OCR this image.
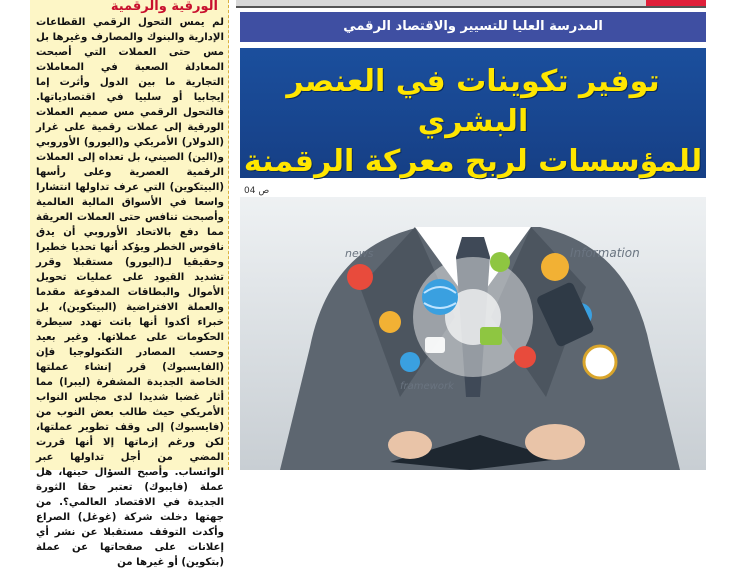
الورقية والرقمية
لم يمس التحول الرقمي القطاعات الإدارية والبنوك والمصارف وغيرها بل مس حتى العملات التي أصبحت المعادلة الصعبة في المعاملات التجارية ما بين الدول وأثرت إما إيجابيا أو سلبيا في اقتصادياتها. فالتحول الرقمي مس صميم العملات الورقية إلى عملات رقمية على غرار (الدولار) الأمريكي و(اليورو) الأوروبي و(الين) الصيني، بل تعداه إلى العملات الرقمية العصرية وعلى رأسها (البيتكوين) التي عرف تداولها انتشارا واسعا في الأسواق المالية العالمية وأصبحت تنافس حتى العملات العريقة مما دفع بالاتحاد الأوروبي أن يدق ناقوس الخطر ويؤكد أنها تحديا خطيرا وحقيقيا لـ(اليورو) مستقبلا وقرر تشديد القيود على عمليات تحويل الأموال والبطاقات المدفوعة مقدما والعملة الافتراضية (البيتكوين)، بل خبراء أكدوا أنها باتت تهدد سيطرة الحكومات على عملاتها. وغير بعيد وحسب المصادر التكنولوجيا فإن (الفايسبوك) قرر إنشاء عملتها الخاصة الجديدة المشفرة (ليبرا) مما أثار غضبا شديدا لدى مجلس النواب الأمريكي حيث طالب بعض النوب من (فايسبوك) إلى وقف تطوير عملتها، لكن ورغم إزماتها إلا أنها قررت المضي من أجل تداولها عبر الواتساب. وأصبح السؤال حينها، هل عملة (فايبوك) تعتبر حقا الثورة الجديدة في الاقتصاد العالمي؟. من جهتها دخلت شركة (غوغل) الصراع وأكدت التوقف مستقبلا عن نشر أي إعلانات على صفحاتها عن عملة (بتكوين) أو غيرها من
المدرسة العليا للتسيير والاقتصاد الرقمي
توفير تكوينات في العنصر البشري
للمؤسسات لربح معركة الرقمنة
ص 04
Information
news
framework
